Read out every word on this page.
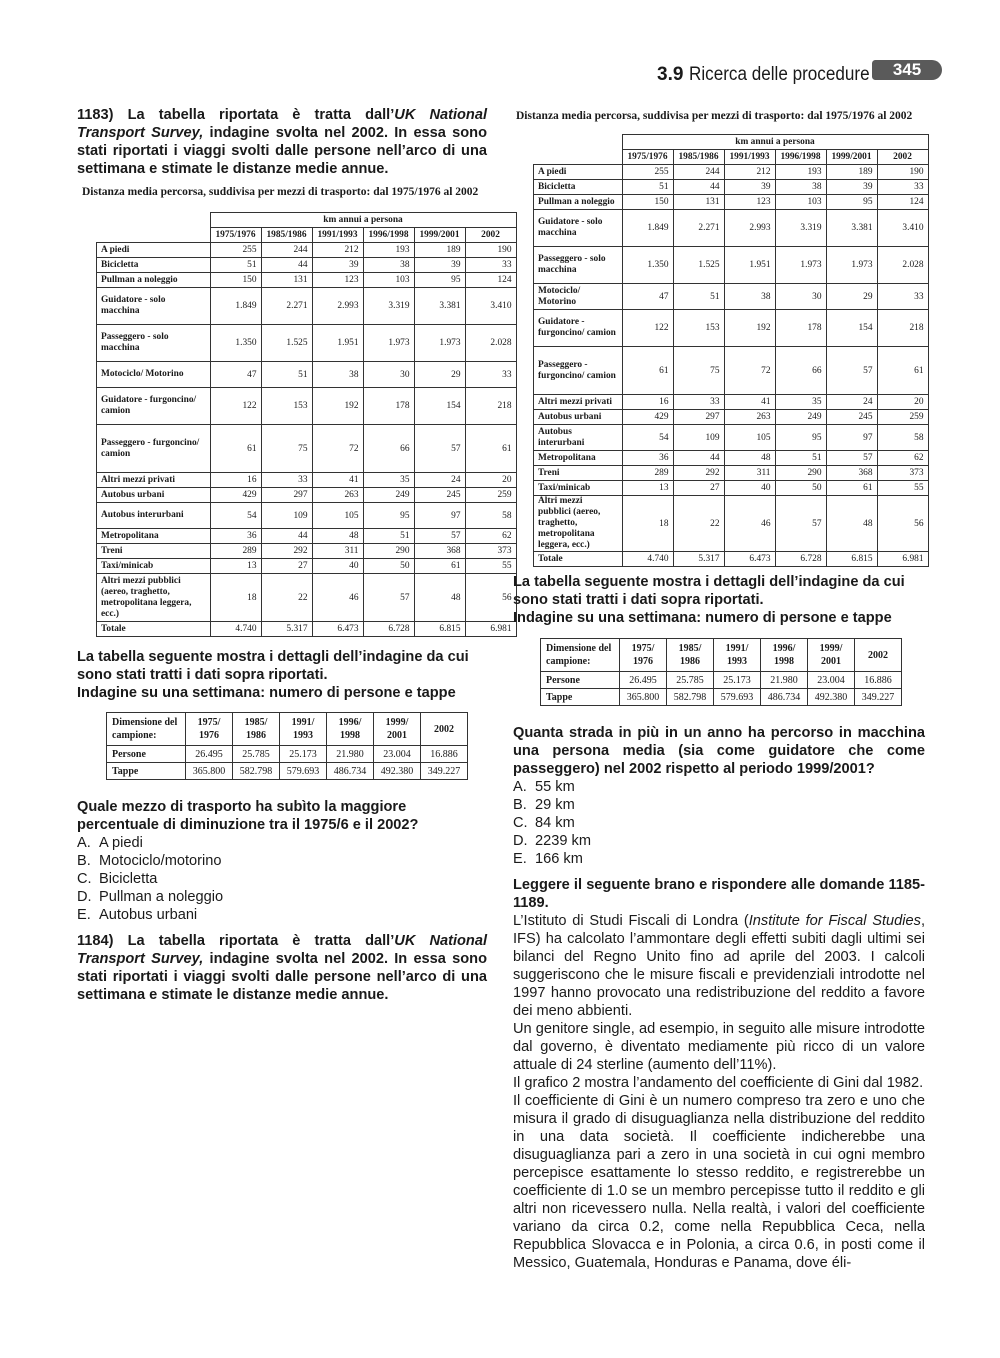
3.9 Ricerca delle procedure	345

1183) La tabella riportata è tratta dall’UK National Transport Survey, indagine svolta nel 2002. In essa sono stati riportati i viaggi svolti dalle persone nell’arco di una settimana e stimate le distanze medie annue.

Distanza media percorsa, suddivisa per mezzi di trasporto: dal 1975/1976 al 2002
	km annui a persona					
	1975/1976	1985/1986	1991/1993	1996/1998	1999/2001	2002
A piedi	255	244	212	193	189	190
Bicicletta	51	44	39	38	39	33
Pullman a noleggio	150	131	123	103	95	124
Guidatore - solo macchina	1.849	2.271	2.993	3.319	3.381	3.410
Passeggero - solo macchina	1.350	1.525	1.951	1.973	1.973	2.028
Motociclo/ Motorino	47	51	38	30	29	33
Guidatore - furgoncino/ camion	122	153	192	178	154	218
Passeggero - furgoncino/ camion	61	75	72	66	57	61
Altri mezzi privati	16	33	41	35	24	20
Autobus urbani	429	297	263	249	245	259
Autobus interurbani	54	109	105	95	97	58
Metropolitana	36	44	48	51	57	62
Treni	289	292	311	290	368	373
Taxi/minicab	13	27	40	50	61	55
Altri mezzi pubblici (aereo, traghetto, metropolitana leggera, ecc.)	18	22	46	57	48	56
Totale	4.740	5.317	6.473	6.728	6.815	6.981

La tabella seguente mostra i dettagli dell’indagine da cui sono stati tratti i dati sopra riportati.

Indagine su una settimana: numero di persone e tappe

Dimensione del campione:	1975/ 1976	1985/ 1986	1991/ 1993	1996/ 1998	1999/ 2001	2002
Persone	26.495	25.785	25.173	21.980	23.004	16.886
Tappe	365.800	582.798	579.693	486.734	492.380	349.227

Quale mezzo di trasporto ha subìto la maggiore percentuale di diminuzione tra il 1975/6 e il 2002?

A. A piedi
B. Motociclo/motorino
C. Bicicletta
D. Pullman a noleggio
E. Autobus urbani

1184) La tabella riportata è tratta dall’UK National Transport Survey, indagine svolta nel 2002. In essa sono stati riportati i viaggi svolti dalle persone nell’arco di una settimana e stimate le distanze medie annue.

Distanza media percorsa, suddivisa per mezzi di trasporto: dal 1975/1976 al 2002
	km annui a persona					
	1975/1976	1985/1986	1991/1993	1996/1998	1999/2001	2002
A piedi	255	244	212	193	189	190
Bicicletta	51	44	39	38	39	33
Pullman a noleggio	150	131	123	103	95	124
Guidatore - solo macchina	1.849	2.271	2.993	3.319	3.381	3.410
Passeggero - solo macchina	1.350	1.525	1.951	1.973	1.973	2.028
Motociclo/ Motorino	47	51	38	30	29	33
Guidatore - furgoncino/ camion	122	153	192	178	154	218
Passeggero - furgoncino/ camion	61	75	72	66	57	61
Altri mezzi privati	16	33	41	35	24	20
Autobus urbani	429	297	263	249	245	259
Autobus interurbani	54	109	105	95	97	58
Metropolitana	36	44	48	51	57	62
Treni	289	292	311	290	368	373
Taxi/minicab	13	27	40	50	61	55
Altri mezzi pubblici (aereo, traghetto, metropolitana leggera, ecc.)	18	22	46	57	48	56
Totale	4.740	5.317	6.473	6.728	6.815	6.981

La tabella seguente mostra i dettagli dell’indagine da cui sono stati tratti i dati sopra riportati.

Indagine su una settimana: numero di persone e tappe

Dimensione del campione:	1975/ 1976	1985/ 1986	1991/ 1993	1996/ 1998	1999/ 2001	2002
Persone	26.495	25.785	25.173	21.980	23.004	16.886
Tappe	365.800	582.798	579.693	486.734	492.380	349.227

Quanta strada in più in un anno ha percorso in macchina una persona media (sia come guidatore che come passeggero) nel 2002 rispetto al periodo 1999/2001?

A. 55 km
B. 29 km
C. 84 km
D. 2239 km
E. 166 km

Leggere il seguente brano e rispondere alle domande 1185-1189.

L’Istituto di Studi Fiscali di Londra (Institute for Fiscal Studies, IFS) ha calcolato l’ammontare degli effetti subiti dagli ultimi sei bilanci del Regno Unito fino ad aprile del 2003. I calcoli suggeriscono che le misure fiscali e previdenziali introdotte nel 1997 hanno provocato una redistribuzione del reddito a favore dei meno abbienti.

Un genitore single, ad esempio, in seguito alle misure introdotte dal governo, è diventato mediamente più ricco di un valore attuale di 24 sterline (aumento dell’11%).

Il grafico 2 mostra l’andamento del coefficiente di Gini dal 1982.

Il coefficiente di Gini è un numero compreso tra zero e uno che misura il grado di disuguaglianza nella distribuzione del reddito in una data società. Il coefficiente indicherebbe una disuguaglianza pari a zero in una società in cui ogni membro percepisce esattamente lo stesso reddito, e registrerebbe un coefficiente di 1.0 se un membro percepisse tutto il reddito e gli altri non ricevessero nulla. Nella realtà, i valori del coefficiente variano da circa 0.2, come nella Repubblica Ceca, nella Repubblica Slovacca e in Polonia, a circa 0.6, in posti come il Messico, Guatemala, Honduras e Panama, dove éli-
